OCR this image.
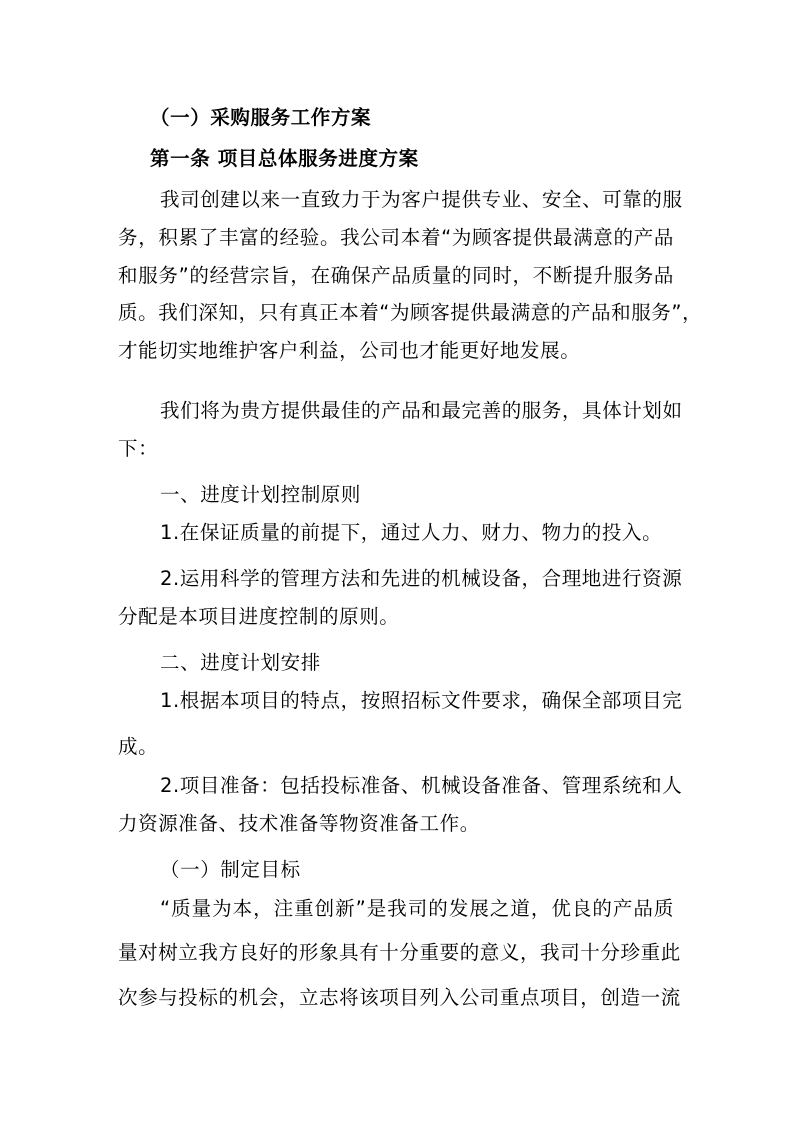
（一）采购服务工作方案
第一条 项目总体服务进度方案
我司创建以来一直致力于为客户提供专业、安全、可靠的服
务，积累了丰富的经验。我公司本着“为顾客提供最满意的产品
和服务”的经营宗旨，在确保产品质量的同时，不断提升服务品
质。我们深知，只有真正本着“为顾客提供最满意的产品和服务”，
才能切实地维护客户利益，公司也才能更好地发展。
我们将为贵方提供最佳的产品和最完善的服务，具体计划如
下：
一、进度计划控制原则
1.在保证质量的前提下，通过人力、财力、物力的投入。
2.运用科学的管理方法和先进的机械设备，合理地进行资源
分配是本项目进度控制的原则。
二、进度计划安排
1.根据本项目的特点，按照招标文件要求，确保全部项目完
成。
2.项目准备：包括投标准备、机械设备准备、管理系统和人
力资源准备、技术准备等物资准备工作。
（一）制定目标
“质量为本，注重创新”是我司的发展之道，优良的产品质
量对树立我方良好的形象具有十分重要的意义，我司十分珍重此
次参与投标的机会，立志将该项目列入公司重点项目，创造一流
